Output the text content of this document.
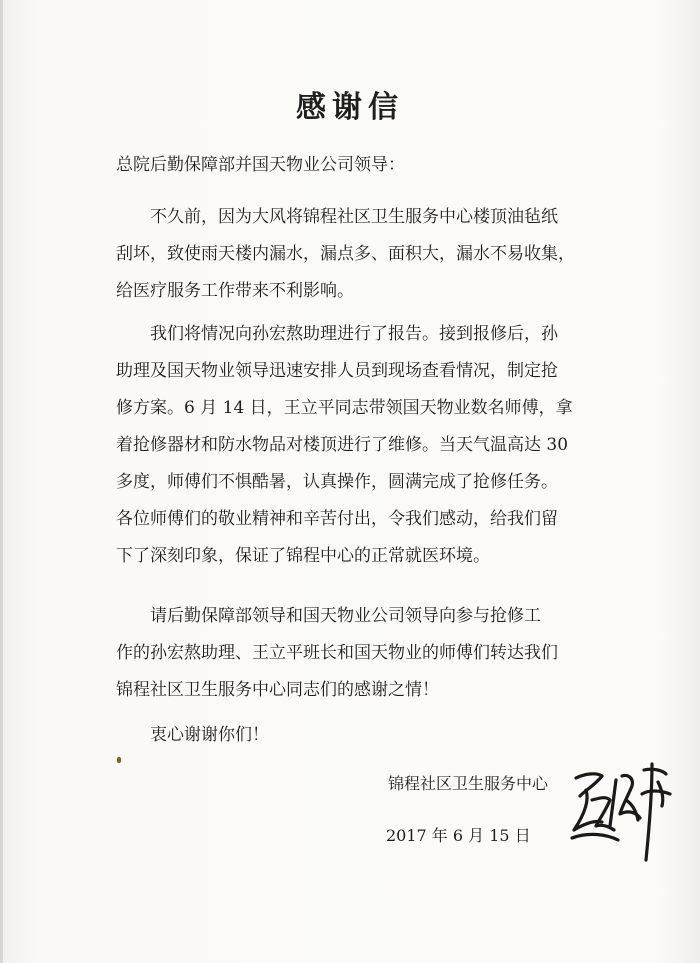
感谢信
总院后勤保障部并国天物业公司领导：
不久前，因为大风将锦程社区卫生服务中心楼顶油毡纸
刮坏，致使雨天楼内漏水，漏点多、面积大，漏水不易收集，
给医疗服务工作带来不利影响。
我们将情况向孙宏熬助理进行了报告。接到报修后，孙
助理及国天物业领导迅速安排人员到现场查看情况，制定抢
修方案。6 月 14 日，王立平同志带领国天物业数名师傅，拿
着抢修器材和防水物品对楼顶进行了维修。当天气温高达 30
多度，师傅们不惧酷暑，认真操作，圆满完成了抢修任务。
各位师傅们的敬业精神和辛苦付出，令我们感动，给我们留
下了深刻印象，保证了锦程中心的正常就医环境。
请后勤保障部领导和国天物业公司领导向参与抢修工
作的孙宏熬助理、王立平班长和国天物业的师傅们转达我们
锦程社区卫生服务中心同志们的感谢之情！
衷心谢谢你们！
锦程社区卫生服务中心
2017 年 6 月 15 日
